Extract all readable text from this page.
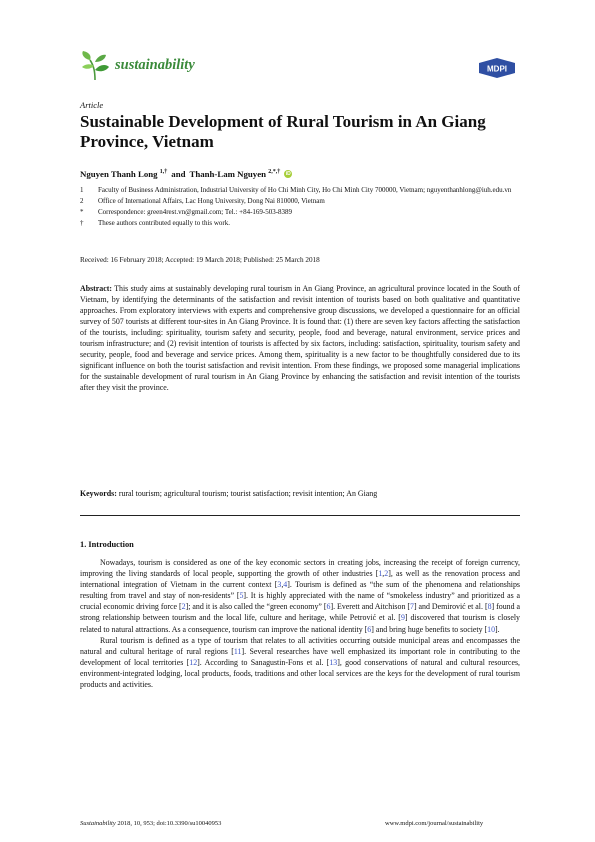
sustainability	MDPI
Article
Sustainable Development of Rural Tourism in An Giang Province, Vietnam
Nguyen Thanh Long $^{1,\dagger}$ and Thanh-Lam Nguyen $^{2,*,\dagger}$	iD
1	Faculty of Business Administration, Industrial University of Ho Chi Minh City, Ho Chi Minh City 700000, Vietnam; nguyenthanhlong@iuh.edu.vn
2	Office of International Affairs, Lac Hong University, Dong Nai 810000, Vietnam
*	Correspondence: green4rest.vn@gmail.com; Tel.: +84-169-503-8389
†	These authors contributed equally to this work.
Received: 16 February 2018; Accepted: 19 March 2018; Published: 25 March 2018
Abstract: This study aims at sustainably developing rural tourism in An Giang Province, an agricultural province located in the South of Vietnam, by identifying the determinants of the satisfaction and revisit intention of tourists based on both qualitative and quantitative approaches. From exploratory interviews with experts and comprehensive group discussions, we developed a questionnaire for an official survey of 507 tourists at different tour-sites in An Giang Province. It is found that: (1) there are seven key factors affecting the satisfaction of the tourists, including: spirituality, tourism safety and security, people, food and beverage, natural environment, service prices and tourism infrastructure; and (2) revisit intention of tourists is affected by six factors, including: satisfaction, spirituality, tourism safety and security, people, food and beverage and service prices. Among them, spirituality is a new factor to be thoughtfully considered due to its significant influence on both the tourist satisfaction and revisit intention. From these findings, we proposed some managerial implications for the sustainable development of rural tourism in An Giang Province by enhancing the satisfaction and revisit intention of the tourists after they visit the province.
Keywords: rural tourism; agricultural tourism; tourist satisfaction; revisit intention; An Giang
1. Introduction

Nowadays, tourism is considered as one of the key economic sectors in creating jobs, increasing the receipt of foreign currency, improving the living standards of local people, supporting the growth of other industries [1,2], as well as the renovation process and international integration of Vietnam in the current context [3,4]. Tourism is defined as “the sum of the phenomena and relationships resulting from travel and stay of non-residents” [5]. It is highly appreciated with the name of “smokeless industry” and prioritized as a crucial economic driving force [2]; and it is also called the “green economy” [6]. Everett and Aitchison [7] and Demirović et al. [8] found a strong relationship between tourism and the local life, culture and heritage, while Petrović et al. [9] discovered that tourism is closely related to natural attractions. As a consequence, tourism can improve the national identity [6] and bring huge benefits to society [10].

Rural tourism is defined as a type of tourism that relates to all activities occurring outside municipal areas and encompasses the natural and cultural heritage of rural regions [11]. Several researches have well emphasized its important role in contributing to the development of local territories [12]. According to Sanagustin-Fons et al. [13], good conservations of natural and cultural resources, environment-integrated lodging, local products, foods, traditions and other local services are the keys for the development of rural tourism products and activities.

Sustainability 2018, 10, 953; doi:10.3390/su10040953	www.mdpi.com/journal/sustainability
